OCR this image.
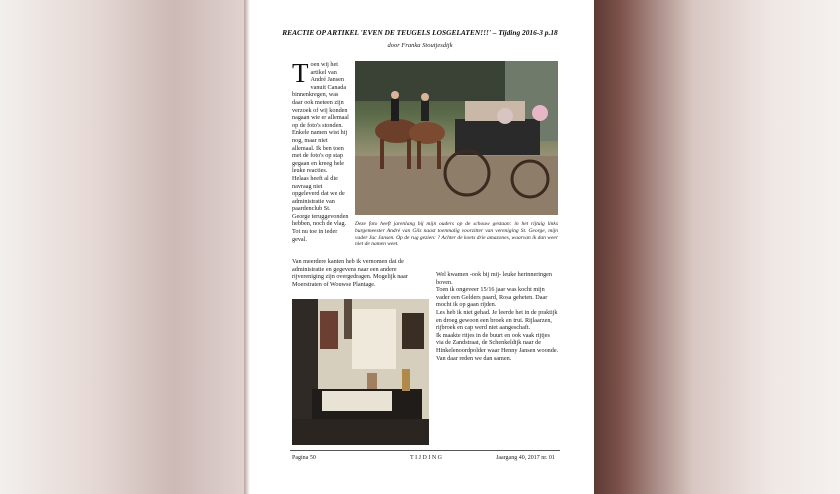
REACTIE OP ARTIKEL 'EVEN DE TEUGELS LOSGELATEN!!!' – Tijding 2016-3 p.18
door Franka Stoutjesdijk
T oen wij het artikel van André Jansen vanuit Canada binnenkregen, was daar ook meteen zijn verzoek of wij konden nagaan wie er allemaal op de foto's stonden.

Enkele namen wist hij nog, maar niet allemaal. Ik ben toen met de foto's op stap gegaan en kreeg hele leuke reacties.

Helaas heeft al die navraag niet opgeleverd dat we de administratie van paardenclub St. George teruggevonden hebben, noch de vlag. Tot nu toe in ieder geval.

Deze foto heeft jarenlang bij mijn ouders op de schouw gestaan: in het rijtuig links burgemeester André van Gils naast toenmalig voorzitter van vereniging St. George, mijn vader Jac Jansen. Op de rug gezien: ? Achter de koets drie amazones, waarvan ik dan weer niet de namen weet.

Van meerdere kanten heb ik vernomen dat de administratie en gegevens naar een andere rijvereniging zijn overgedragen. Mogelijk naar Moerstraten of Wouwse Plantage.

Wel kwamen -ook bij mij- leuke herinneringen boven.

Toen ik ongeveer 15/16 jaar was kocht mijn vader een Gelders paard, Rosa geheten. Daar mocht ik op gaan rijden.

Les heb ik niet gehad. Je leerde het in de praktijk en droeg gewoon een broek en trui. Rijlaarzen, rijbroek en cap werd niet aangeschaft.

Ik maakte ritjes in de buurt en ook vaak rijtjes via de Zandstraat, de Schenkeldijk naar de Hinkelenoordpolder waar Henny Jansen woonde. Van daar reden we dan samen.

Pagina 50	TIJDING	Jaargang 40, 2017 nr. 01
